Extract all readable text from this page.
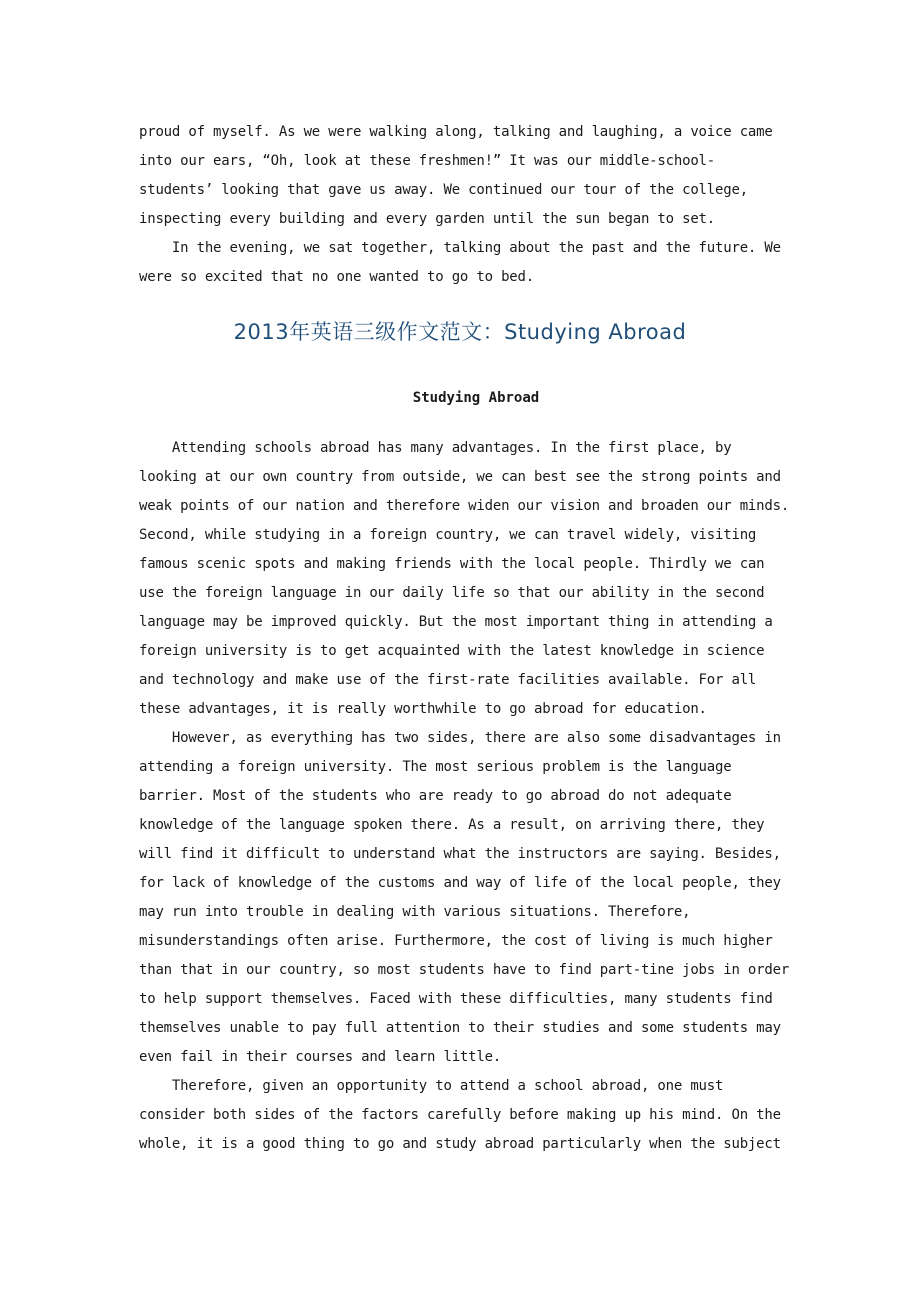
proud of myself. As we were walking along, talking and laughing, a voice came
into our ears, “Oh, look at these freshmen!” It was our middle-school-
students’ looking that gave us away. We continued our tour of the college,
inspecting every building and every garden until the sun began to set.
In the evening, we sat together, talking about the past and the future. We
were so excited that no one wanted to go to bed.
2013年英语三级作文范文：Studying Abroad
Studying Abroad
Attending schools abroad has many advantages. In the first place, by
looking at our own country from outside, we can best see the strong points and
weak points of our nation and therefore widen our vision and broaden our minds.
Second, while studying in a foreign country, we can travel widely, visiting
famous scenic spots and making friends with the local people. Thirdly we can
use the foreign language in our daily life so that our ability in the second
language may be improved quickly. But the most important thing in attending a
foreign university is to get acquainted with the latest knowledge in science
and technology and make use of the first-rate facilities available. For all
these advantages, it is really worthwhile to go abroad for education.
However, as everything has two sides, there are also some disadvantages in
attending a foreign university. The most serious problem is the language
barrier. Most of the students who are ready to go abroad do not adequate
knowledge of the language spoken there. As a result, on arriving there, they
will find it difficult to understand what the instructors are saying. Besides,
for lack of knowledge of the customs and way of life of the local people, they
may run into trouble in dealing with various situations. Therefore,
misunderstandings often arise. Furthermore, the cost of living is much higher
than that in our country, so most students have to find part-tine jobs in order
to help support themselves. Faced with these difficulties, many students find
themselves unable to pay full attention to their studies and some students may
even fail in their courses and learn little.
Therefore, given an opportunity to attend a school abroad, one must
consider both sides of the factors carefully before making up his mind. On the
whole, it is a good thing to go and study abroad particularly when the subject
